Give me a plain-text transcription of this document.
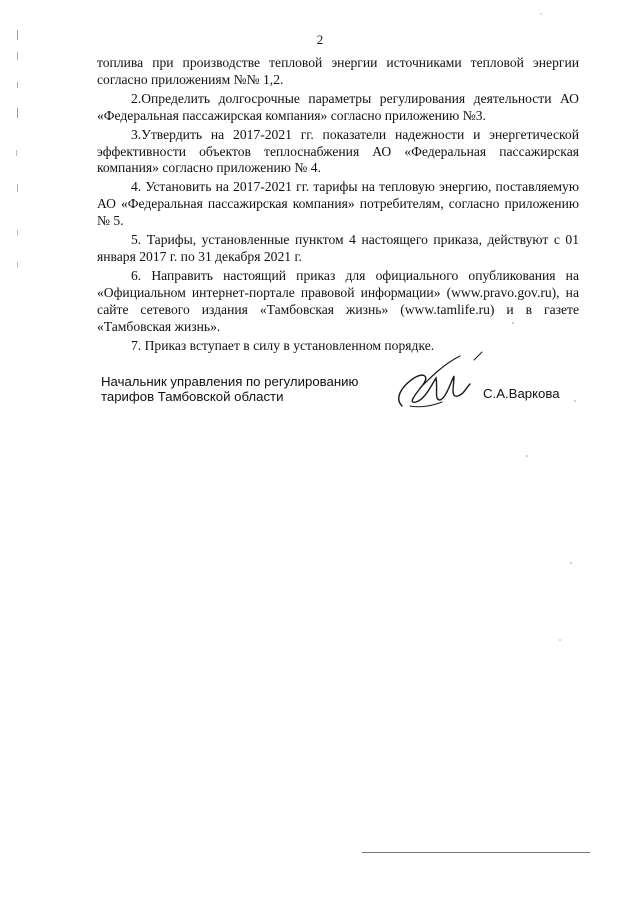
2

топлива при производстве тепловой энергии источниками тепловой энергии согласно приложениям №№ 1,2.

2.Определить долгосрочные параметры регулирования деятельности АО «Федеральная пассажирская компания» согласно приложению №3.

3.Утвердить на 2017-2021 гг. показатели надежности и энергетической эффективности объектов теплоснабжения АО «Федеральная пассажирская компания» согласно приложению № 4.

4. Установить на 2017-2021 гг. тарифы на тепловую энергию, поставляемую АО «Федеральная пассажирская компания» потребителям, согласно приложению № 5.

5. Тарифы, установленные пунктом 4 настоящего приказа, действуют с 01 января 2017 г. по 31 декабря 2021 г.

6. Направить настоящий приказ для официального опубликования на «Официальном интернет-портале правовой информации» (www.pravo.gov.ru), на сайте сетевого издания «Тамбовская жизнь» (www.tamlife.ru) и в газете «Тамбовская жизнь».

7. Приказ вступает в силу в установленном порядке.

Начальник управления по регулированию
тарифов Тамбовской области	С.А.Варкова
